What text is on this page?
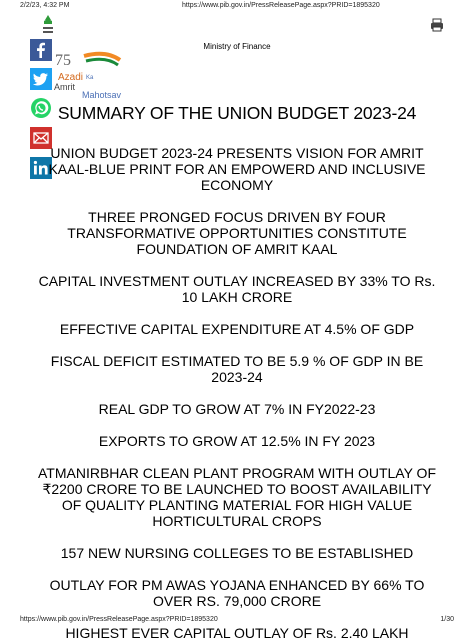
2/2/23, 4:32 PM	https://www.pib.gov.in/PressReleasePage.aspx?PRID=1895320
Ministry of Finance
75
Azadi Ka
Amrit
Mahotsav
SUMMARY OF THE UNION BUDGET 2023-24

UNION BUDGET 2023-24 PRESENTS VISION FOR AMRIT KAAL-BLUE PRINT FOR AN EMPOWERD AND INCLUSIVE ECONOMY

THREE PRONGED FOCUS DRIVEN BY FOUR TRANSFORMATIVE OPPORTUNITIES CONSTITUTE FOUNDATION OF AMRIT KAAL

CAPITAL INVESTMENT OUTLAY INCREASED BY 33% TO Rs. 10 LAKH CRORE

EFFECTIVE CAPITAL EXPENDITURE AT 4.5% OF GDP

FISCAL DEFICIT ESTIMATED TO BE 5.9 % OF GDP IN BE 2023-24

REAL GDP TO GROW AT 7% IN FY2022-23

EXPORTS TO GROW AT 12.5% IN FY 2023

ATMANIRBHAR CLEAN PLANT PROGRAM WITH OUTLAY OF ₹2200 CRORE TO BE LAUNCHED TO BOOST AVAILABILITY OF QUALITY PLANTING MATERIAL FOR HIGH VALUE HORTICULTURAL CROPS

157 NEW NURSING COLLEGES TO BE ESTABLISHED

OUTLAY FOR PM AWAS YOJANA ENHANCED BY 66% TO OVER RS. 79,000 CRORE

HIGHEST EVER CAPITAL OUTLAY OF Rs. 2.40 LAKH

https://www.pib.gov.in/PressReleasePage.aspx?PRID=1895320	1/30
